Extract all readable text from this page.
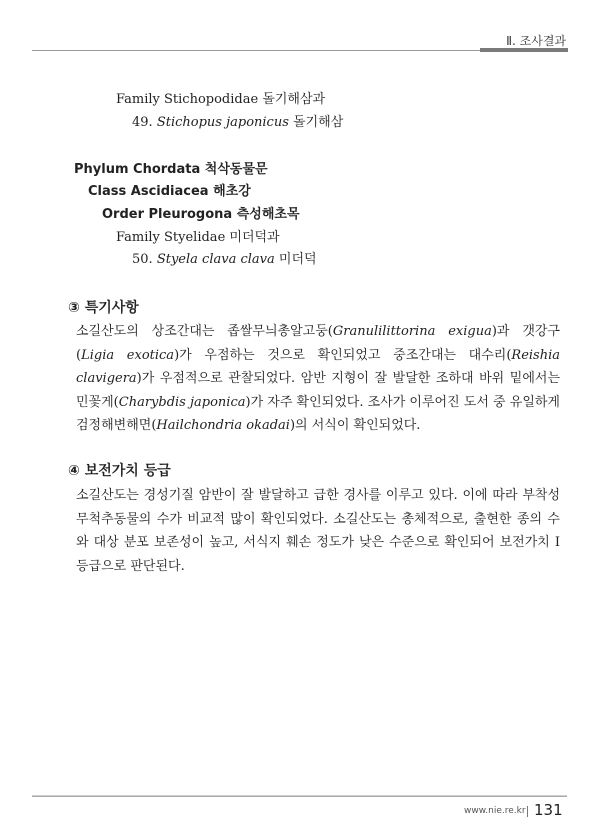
Ⅱ. 조사결과
Family Stichopodidae 돌기해삼과
49. Stichopus japonicus 돌기해삼
Phylum Chordata 척삭동물문
Class Ascidiacea 해초강
Order Pleurogona 측성해초목
Family Styelidae 미더덕과
50. Styela clava clava 미더덕
③ 특기사항

소길산도의 상조간대는 좁쌀무늬총알고둥(Granulilittorina exigua)과 갯강구(Ligia exotica)가 우점하는 것으로 확인되었고 중조간대는 대수리(Reishia clavigera)가 우점적으로 관찰되었다. 암반 지형이 잘 발달한 조하대 바위 밑에서는 민꽃게(Charybdis japonica)가 자주 확인되었다. 조사가 이루어진 도서 중 유일하게 검정해변해면(Hailchondria okadai)의 서식이 확인되었다.

④ 보전가치 등급

소길산도는 경성기질 암반이 잘 발달하고 급한 경사를 이루고 있다. 이에 따라 부착성 무척추동물의 수가 비교적 많이 확인되었다. 소길산도는 총체적으로, 출현한 종의 수와 대상 분포 보존성이 높고, 서식지 훼손 정도가 낮은 수준으로 확인되어 보전가치 Ⅰ 등급으로 판단된다.

www.nie.re.kr 131
